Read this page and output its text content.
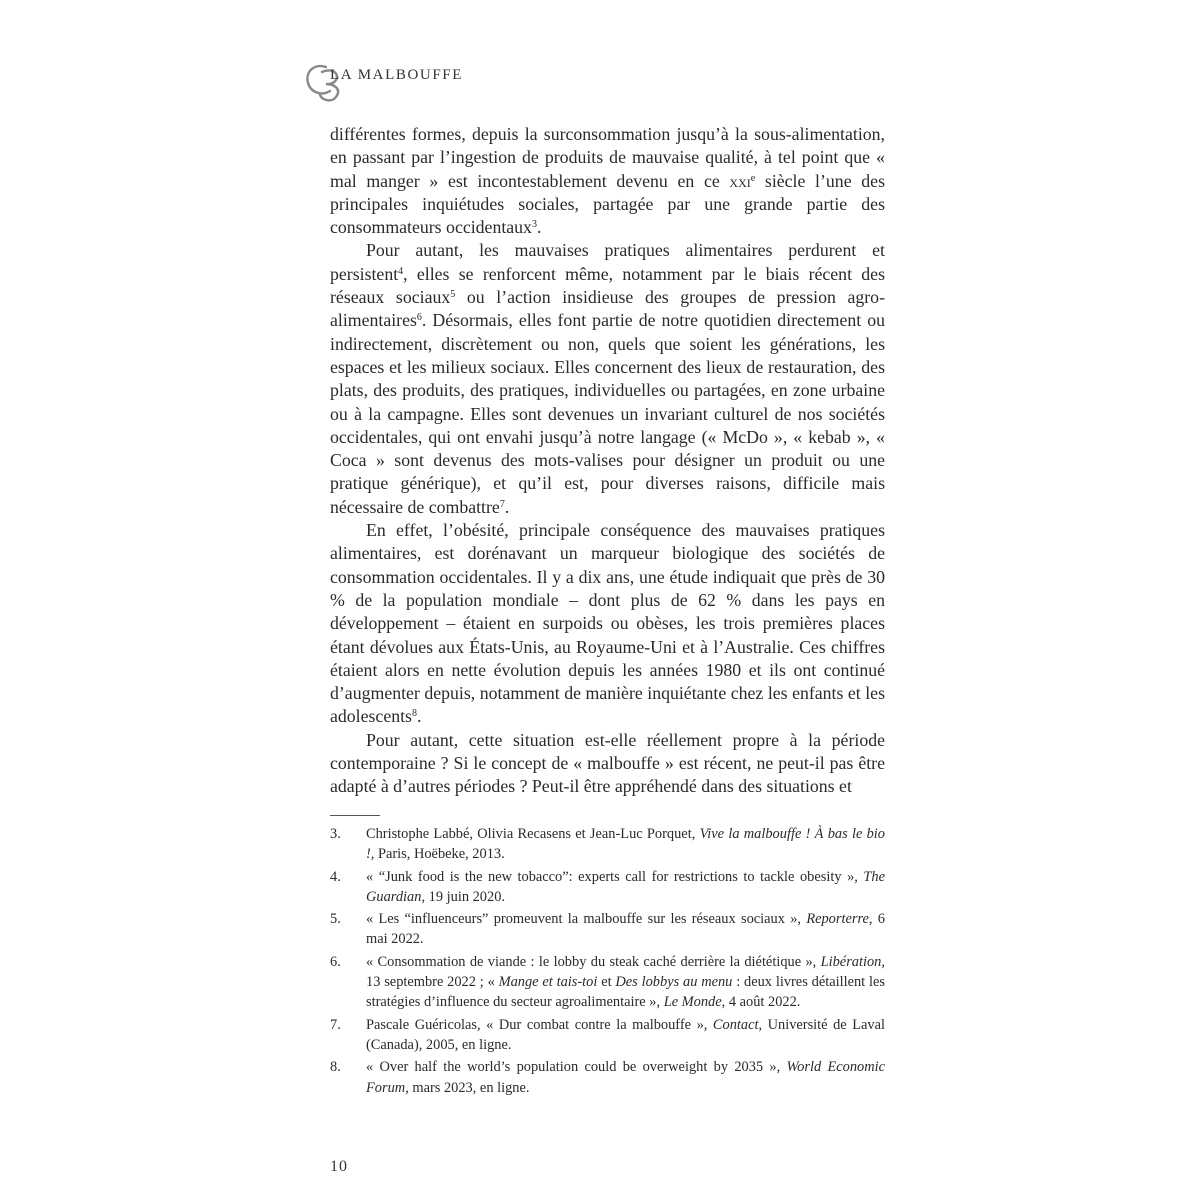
LA MALBOUFFE

différentes formes, depuis la surconsommation jusqu’à la sous-alimentation, en passant par l’ingestion de produits de mauvaise qualité, à tel point que « mal manger » est incontestablement devenu en ce xxi$^e$ siècle l’une des principales inquiétudes sociales, partagée par une grande partie des consommateurs occidentaux$^3$.

Pour autant, les mauvaises pratiques alimentaires perdurent et persistent$^4$, elles se renforcent même, notamment par le biais récent des réseaux sociaux$^5$ ou l’action insidieuse des groupes de pression agro-alimentaires$^6$. Désormais, elles font partie de notre quotidien directement ou indirectement, discrètement ou non, quels que soient les générations, les espaces et les milieux sociaux. Elles concernent des lieux de restauration, des plats, des produits, des pratiques, individuelles ou partagées, en zone urbaine ou à la campagne. Elles sont devenues un invariant culturel de nos sociétés occidentales, qui ont envahi jusqu’à notre langage (« McDo », « kebab », « Coca » sont devenus des mots-valises pour désigner un produit ou une pratique générique), et qu’il est, pour diverses raisons, difficile mais nécessaire de combattre$^7$.

En effet, l’obésité, principale conséquence des mauvaises pratiques alimentaires, est dorénavant un marqueur biologique des sociétés de consommation occidentales. Il y a dix ans, une étude indiquait que près de 30 % de la population mondiale – dont plus de 62 % dans les pays en développement – étaient en surpoids ou obèses, les trois premières places étant dévolues aux États-Unis, au Royaume-Uni et à l’Australie. Ces chiffres étaient alors en nette évolution depuis les années 1980 et ils ont continué d’augmenter depuis, notamment de manière inquiétante chez les enfants et les adolescents$^8$.

Pour autant, cette situation est-elle réellement propre à la période contemporaine ? Si le concept de « malbouffe » est récent, ne peut-il pas être adapté à d’autres périodes ? Peut-il être appréhendé dans des situations et

3.	Christophe Labbé, Olivia Recasens et Jean-Luc Porquet, Vive la malbouffe ! À bas le bio !, Paris, Hoëbeke, 2013.
4.	« “Junk food is the new tobacco”: experts call for restrictions to tackle obesity », The Guardian, 19 juin 2020.
5.	« Les “influenceurs” promeuvent la malbouffe sur les réseaux sociaux », Reporterre, 6 mai 2022.
6.	« Consommation de viande : le lobby du steak caché derrière la diététique », Libération, 13 septembre 2022 ; « Mange et tais-toi et Des lobbys au menu : deux livres détaillent les stratégies d’influence du secteur agroalimentaire », Le Monde, 4 août 2022.
7.	Pascale Guéricolas, « Dur combat contre la malbouffe », Contact, Université de Laval (Canada), 2005, en ligne.
8.	« Over half the world’s population could be overweight by 2035 », World Economic Forum, mars 2023, en ligne.
10
